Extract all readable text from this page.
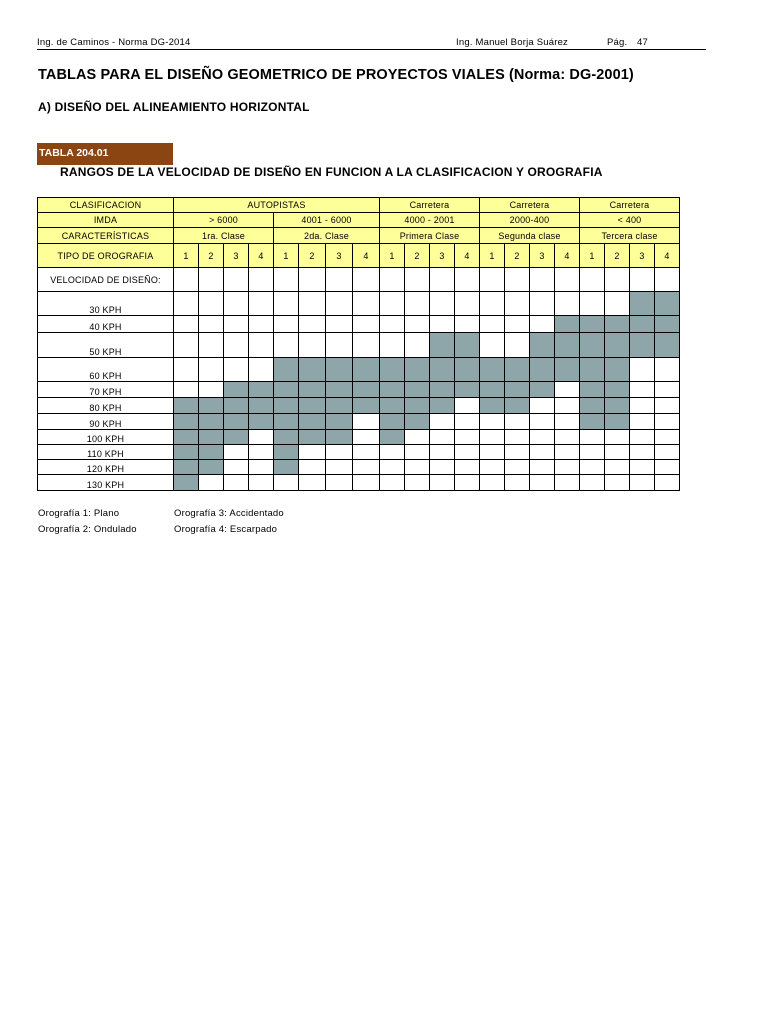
Ing. de Caminos - Norma DG-2014	Ing. Manuel Borja Suárez	Pág. 47
TABLAS PARA EL DISEÑO GEOMETRICO DE PROYECTOS VIALES (Norma: DG-2001)
A) DISEÑO DEL ALINEAMIENTO HORIZONTAL
TABLA 204.01
RANGOS DE LA VELOCIDAD DE DISEÑO EN FUNCION A LA CLASIFICACION Y OROGRAFIA
CLASIFICACION	AUTOPISTAS								Carretera				Carretera				Carretera			
IMDA	> 6000				4001 - 6000				4000 - 2001				2000-400				< 400			
CARACTERÍSTICAS	1ra. Clase				2da. Clase				Primera Clase				Segunda clase				Tercera clase			
TIPO DE OROGRAFIA	1	2	3	4	1	2	3	4	1	2	3	4	1	2	3	4	1	2	3	4
VELOCIDAD DE DISEÑO:																				
30 KPH																				
40 KPH																				
50 KPH																				
60 KPH																				
70 KPH																				
80 KPH																				
90 KPH																				
100 KPH																				
110 KPH																				
120 KPH																				
130 KPH																				
Orografía 1: Plano
Orografía 2: Ondulado
Orografía 3: Accidentado
Orografía 4: Escarpado
